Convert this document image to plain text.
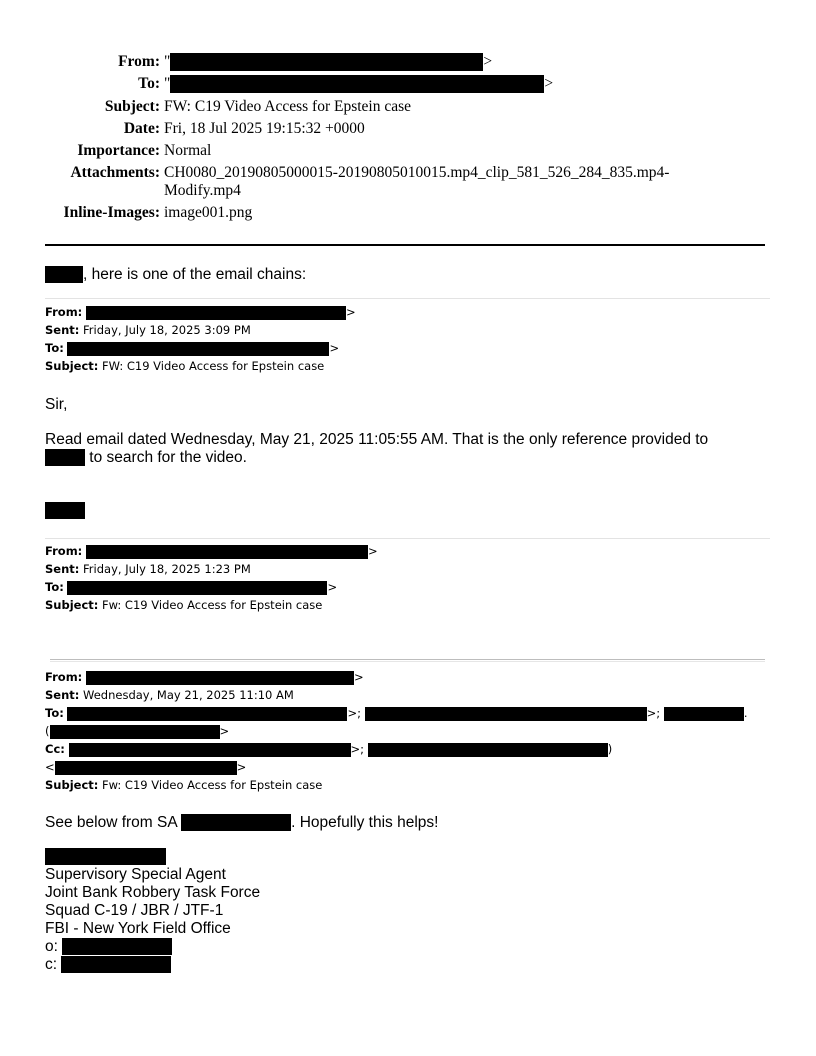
From: "	>
To: "	>
Subject: FW: C19 Video Access for Epstein case
Date: Fri, 18 Jul 2025 19:15:32 +0000
Importance: Normal
Attachments: CH0080_20190805000015-20190805010015.mp4_clip_581_526_284_835.mp4-
Modify.mp4
Inline-Images: image001.png
, here is one of the email chains:
From:	>
Sent: Friday, July 18, 2025 3:09 PM
To:	>
Subject: FW: C19 Video Access for Epstein case
Sir,
Read email dated Wednesday, May 21, 2025 11:05:55 AM. That is the only reference provided to
to search for the video.
From:	>
Sent: Friday, July 18, 2025 1:23 PM
To:	>
Subject: Fw: C19 Video Access for Epstein case
From:	>
Sent: Wednesday, May 21, 2025 11:10 AM
To:	>;	>;	.
(	>
Cc:	>;	)
<	>
Subject: Fw: C19 Video Access for Epstein case
See below from SA	. Hopefully this helps!
Supervisory Special Agent
Joint Bank Robbery Task Force
Squad C-19 / JBR / JTF-1
FBI - New York Field Office
o:
c:
